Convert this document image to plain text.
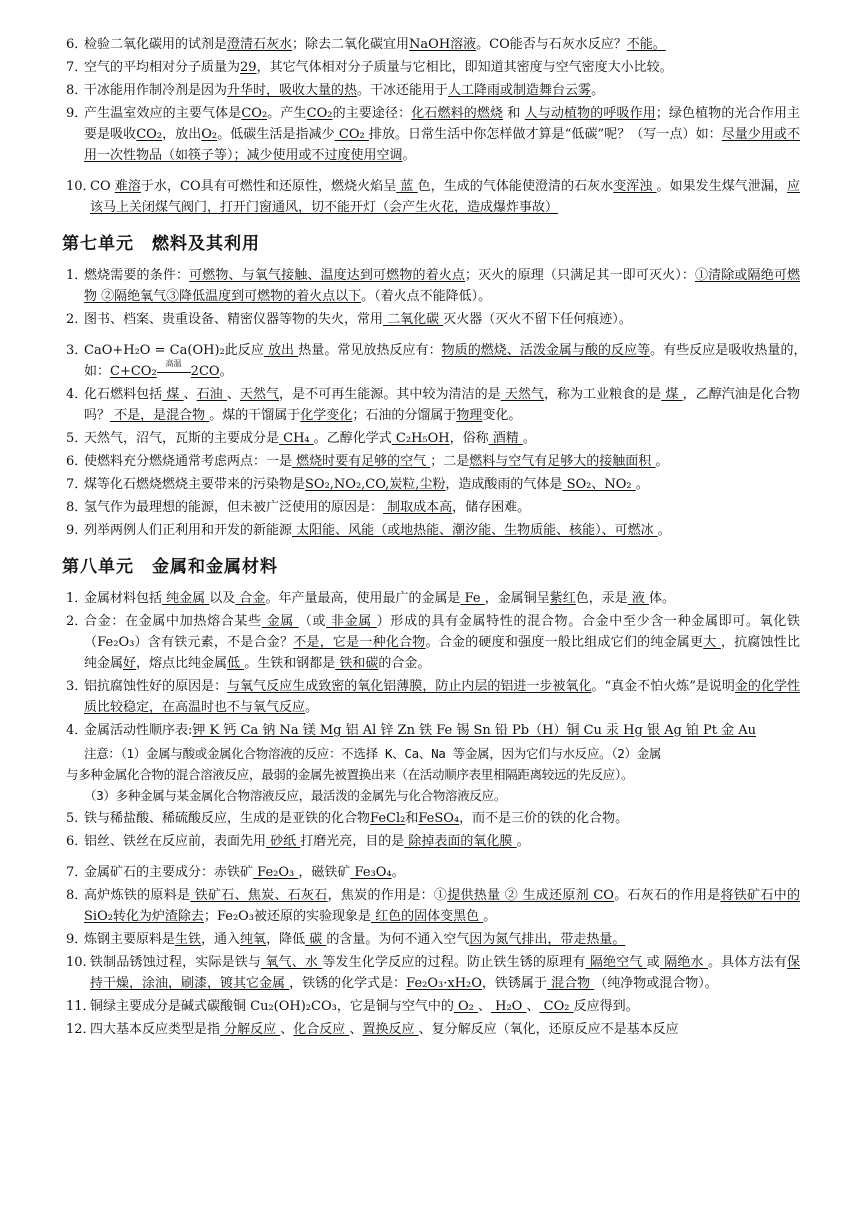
6．
检验二氧化碳用的试剂是澄清石灰水；除去二氧化碳宜用NaOH溶液。CO能否与石灰水反应？不能。
7．
空气的平均相对分子质量为29，其它气体相对分子质量与它相比，即知道其密度与空气密度大小比较。
8．
干冰能用作制冷剂是因为升华时，吸收大量的热。干冰还能用于人工降雨或制造舞台云雾。
9．
产生温室效应的主要气体是CO₂。产生CO₂的主要途径：化石燃料的燃烧 和 人与动植物的呼吸作用；绿色植物的光合作用主要是吸收CO₂，放出O₂。低碳生活是指减少 CO₂ 排放。日常生活中你怎样做才算是“低碳”呢？（写一点）如：尽量少用或不用一次性物品（如筷子等）；减少使用或不过度使用空调。
10．
CO 难溶于水，CO具有可燃性和还原性，燃烧火焰呈 蓝 色，生成的气体能使澄清的石灰水变浑浊 。如果发生煤气泄漏，应该马上关闭煤气阀门，打开门窗通风，切不能开灯（会产生火花，造成爆炸事故）
第七单元　燃料及其利用
1．
燃烧需要的条件：可燃物、与氧气接触、温度达到可燃物的着火点；灭火的原理（只满足其一即可灭火）：①清除或隔绝可燃物 ②隔绝氧气③降低温度到可燃物的着火点以下。（着火点不能降低）。
2．
图书、档案、贵重设备、精密仪器等物的失火，常用 二氧化碳 灭火器（灭火不留下任何痕迹）。
3．
CaO+H₂O = Ca(OH)₂此反应 放出 热量。常见放热反应有：物质的燃烧、活泼金属与酸的反应等。有些反应是吸收热量的，　如：C+CO₂
高温
2CO。
4．
化石燃料包括 煤 、石油 、天然气，是不可再生能源。其中较为清洁的是 天然气，称为工业粮食的是 煤 ，乙醇汽油是化合物吗？ 不是，是混合物 。煤的干馏属于化学变化；石油的分馏属于物理变化。
5．
天然气，沼气，瓦斯的主要成分是 CH₄ 。乙醇化学式 C₂H₅OH，俗称 酒精 。
6．
使燃料充分燃烧通常考虑两点：一是 燃烧时要有足够的空气 ；二是燃料与空气有足够大的接触面积 。
7．
煤等化石燃烧燃烧主要带来的污染物是SO₂,NO₂,CO,炭粒,尘粉，造成酸雨的气体是 SO₂、NO₂ 。
8．
氢气作为最理想的能源，但未被广泛使用的原因是： 制取成本高，储存困难。
9. 列举两例人们正利用和开发的新能源 太阳能、风能（或地热能、潮汐能、生物质能、核能）、可燃冰 。
第八单元　金属和金属材料
1．
金属材料包括 纯金属 以及 合金。年产量最高，使用最广的金属是 Fe ，金属铜呈紫红色，汞是 液 体。
2．
合金：在金属中加热熔合某些 金属 （或 非金属 ）形成的具有金属特性的混合物。合金中至少含一种金属即可。氧化铁（Fe₂O₃）含有铁元素，不是合金？不是，它是一种化合物。合金的硬度和强度一般比组成它们的纯金属更大 ，抗腐蚀性比纯金属好，熔点比纯金属低 。生铁和钢都是 铁和碳的合金。
3．
铝抗腐蚀性好的原因是：与氧气反应生成致密的氧化铝薄膜，防止内层的铝进一步被氧化。“真金不怕火炼”是说明金的化学性质比较稳定，在高温时也不与氧气反应。
4．
金属活动性顺序表:钾 K 钙 Ca 钠 Na 镁 Mg 铝 Al 锌 Zn 铁 Fe 锡 Sn 铅 Pb（H）铜 Cu 汞 Hg 银 Ag 铂 Pt 金 Au

注意：（1）金属与酸或金属化合物溶液的反应：不选择 K、Ca、Na 等金属，因为它们与水反应。（2）金属

与多种金属化合物的混合溶液反应，最弱的金属先被置换出来（在活动顺序表里相隔距离较远的先反应）。

（3）多种金属与某金属化合物溶液反应，最活泼的金属先与化合物溶液反应。

5．
铁与稀盐酸、稀硫酸反应，生成的是亚铁的化合物FeCl₂和FeSO₄，而不是三价的铁的化合物。
6．
铝丝、铁丝在反应前，表面先用 砂纸 打磨光亮，目的是 除掉表面的氧化膜 。
7．
金属矿石的主要成分：赤铁矿 Fe₂O₃ ，磁铁矿 Fe₃O₄。
8．
高炉炼铁的原料是 铁矿石、焦炭、石灰石，焦炭的作用是：①提供热量 ② 生成还原剂 CO。石灰石的作用是将铁矿石中的 SiO₂转化为炉渣除去；Fe₂O₃被还原的实验现象是 红色的固体变黑色 。
9．
炼钢主要原料是生铁，通入纯氧，降低 碳 的含量。为何不通入空气因为氮气排出，带走热量。
10. 铁制品锈蚀过程，实际是铁与 氧气、水 等发生化学反应的过程。防止铁生锈的原理有 隔绝空气 或 隔绝水 。具体方法有保持干燥，涂油，刷漆，镀其它金属 ，铁锈的化学式是：Fe₂O₃·xH₂O，铁锈属于 混合物 （纯净物或混合物）。
11．
铜绿主要成分是碱式碳酸铜 Cu₂(OH)₂CO₃，它是铜与空气中的 O₂ 、 H₂O 、 CO₂ 反应得到。
12．
四大基本反应类型是指 分解反应 、化合反应 、置换反应 、复分解反应（氧化，还原反应不是基本反应
